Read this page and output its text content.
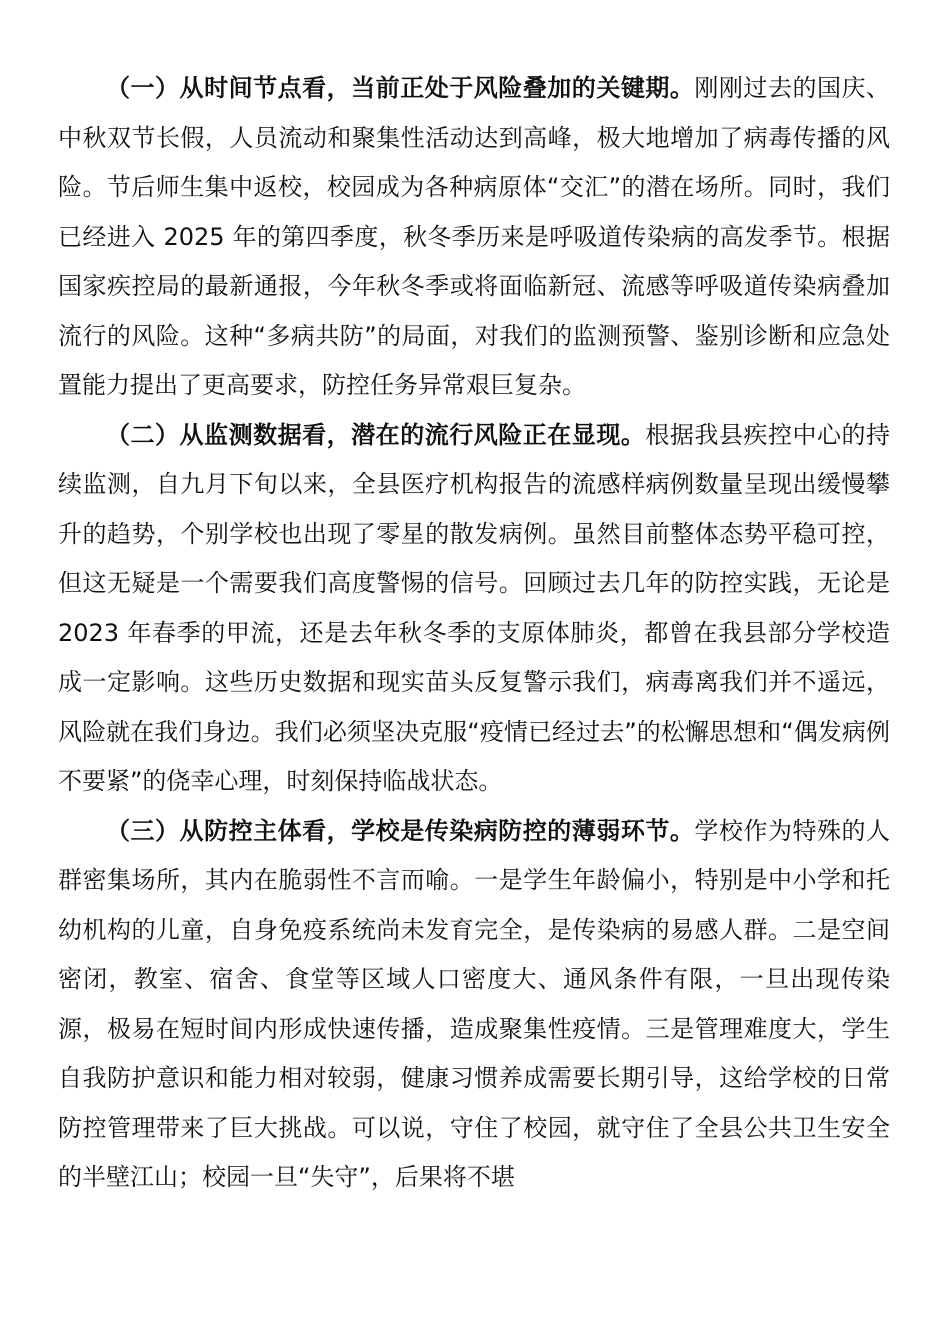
（一）从时间节点看，当前正处于风险叠加的关键期。刚刚过去的国庆、中秋双节长假，人员流动和聚集性活动达到高峰，极大地增加了病毒传播的风险。节后师生集中返校，校园成为各种病原体“交汇”的潜在场所。同时，我们已经进入 2025 年的第四季度，秋冬季历来是呼吸道传染病的高发季节。根据国家疾控局的最新通报，今年秋冬季或将面临新冠、流感等呼吸道传染病叠加流行的风险。这种“多病共防”的局面，对我们的监测预警、鉴别诊断和应急处置能力提出了更高要求，防控任务异常艰巨复杂。

（二）从监测数据看，潜在的流行风险正在显现。根据我县疾控中心的持续监测，自九月下旬以来，全县医疗机构报告的流感样病例数量呈现出缓慢攀升的趋势，个别学校也出现了零星的散发病例。虽然目前整体态势平稳可控，但这无疑是一个需要我们高度警惕的信号。回顾过去几年的防控实践，无论是 2023 年春季的甲流，还是去年秋冬季的支原体肺炎，都曾在我县部分学校造成一定影响。这些历史数据和现实苗头反复警示我们，病毒离我们并不遥远，风险就在我们身边。我们必须坚决克服“疫情已经过去”的松懈思想和“偶发病例不要紧”的侥幸心理，时刻保持临战状态。

（三）从防控主体看，学校是传染病防控的薄弱环节。学校作为特殊的人群密集场所，其内在脆弱性不言而喻。一是学生年龄偏小，特别是中小学和托幼机构的儿童，自身免疫系统尚未发育完全，是传染病的易感人群。二是空间密闭，教室、宿舍、食堂等区域人口密度大、通风条件有限，一旦出现传染源，极易在短时间内形成快速传播，造成聚集性疫情。三是管理难度大，学生自我防护意识和能力相对较弱，健康习惯养成需要长期引导，这给学校的日常防控管理带来了巨大挑战。可以说，守住了校园，就守住了全县公共卫生安全的半壁江山；校园一旦“失守”，后果将不堪
